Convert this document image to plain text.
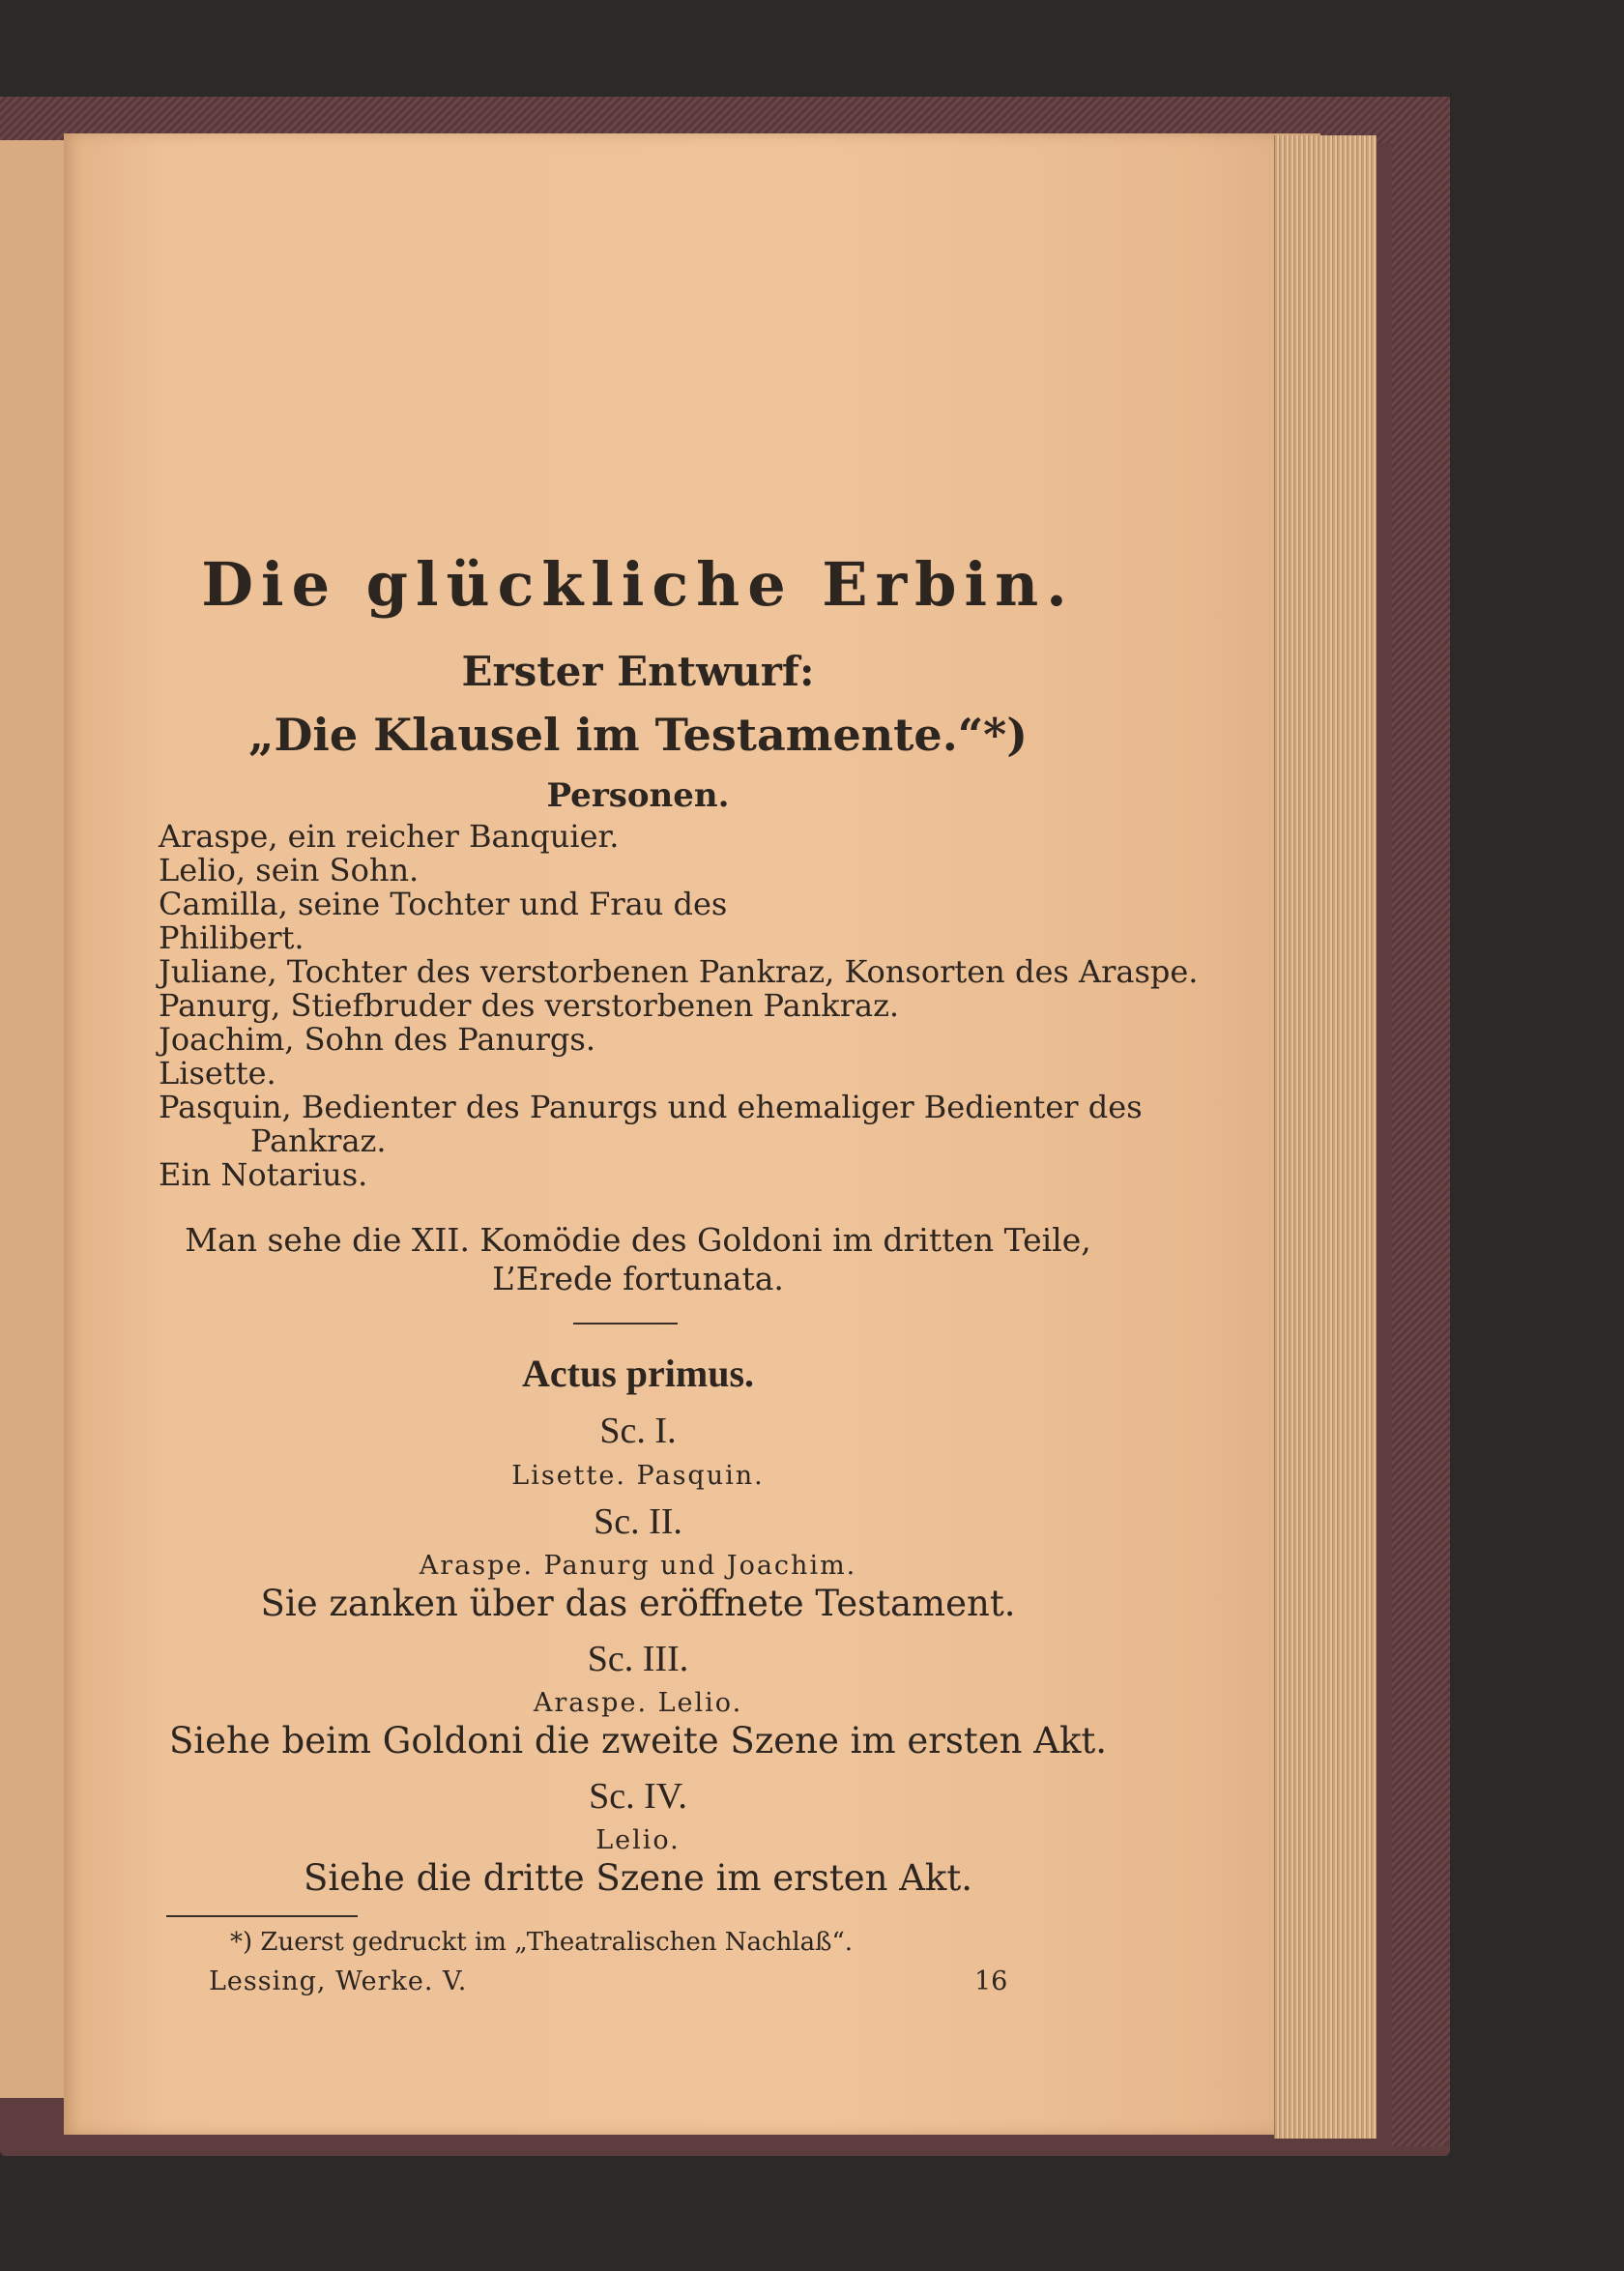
Die glückliche Erbin.
Erster Entwurf:
„Die Klausel im Testamente.“*)
Personen.
Araspe, ein reicher Banquier.
Lelio, sein Sohn.
Camilla, seine Tochter und Frau des
Philibert.
Juliane, Tochter des verstorbenen Pankraz, Konsorten des Araspe.
Panurg, Stiefbruder des verstorbenen Pankraz.
Joachim, Sohn des Panurgs.
Lisette.
Pasquin, Bedienter des Panurgs und ehemaliger Bedienter des
Pankraz.
Ein Notarius.
Man sehe die XII. Komödie des Goldoni im dritten Teile,
L’Erede fortunata.
Actus primus.
Sc. I.
Lisette. Pasquin.
Sc. II.
Araspe. Panurg und Joachim.
Sie zanken über das eröffnete Testament.
Sc. III.
Araspe. Lelio.
Siehe beim Goldoni die zweite Szene im ersten Akt.
Sc. IV.
Lelio.
Siehe die dritte Szene im ersten Akt.
*) Zuerst gedruckt im „Theatralischen Nachlaß“.
Lessing, Werke. V.	16
